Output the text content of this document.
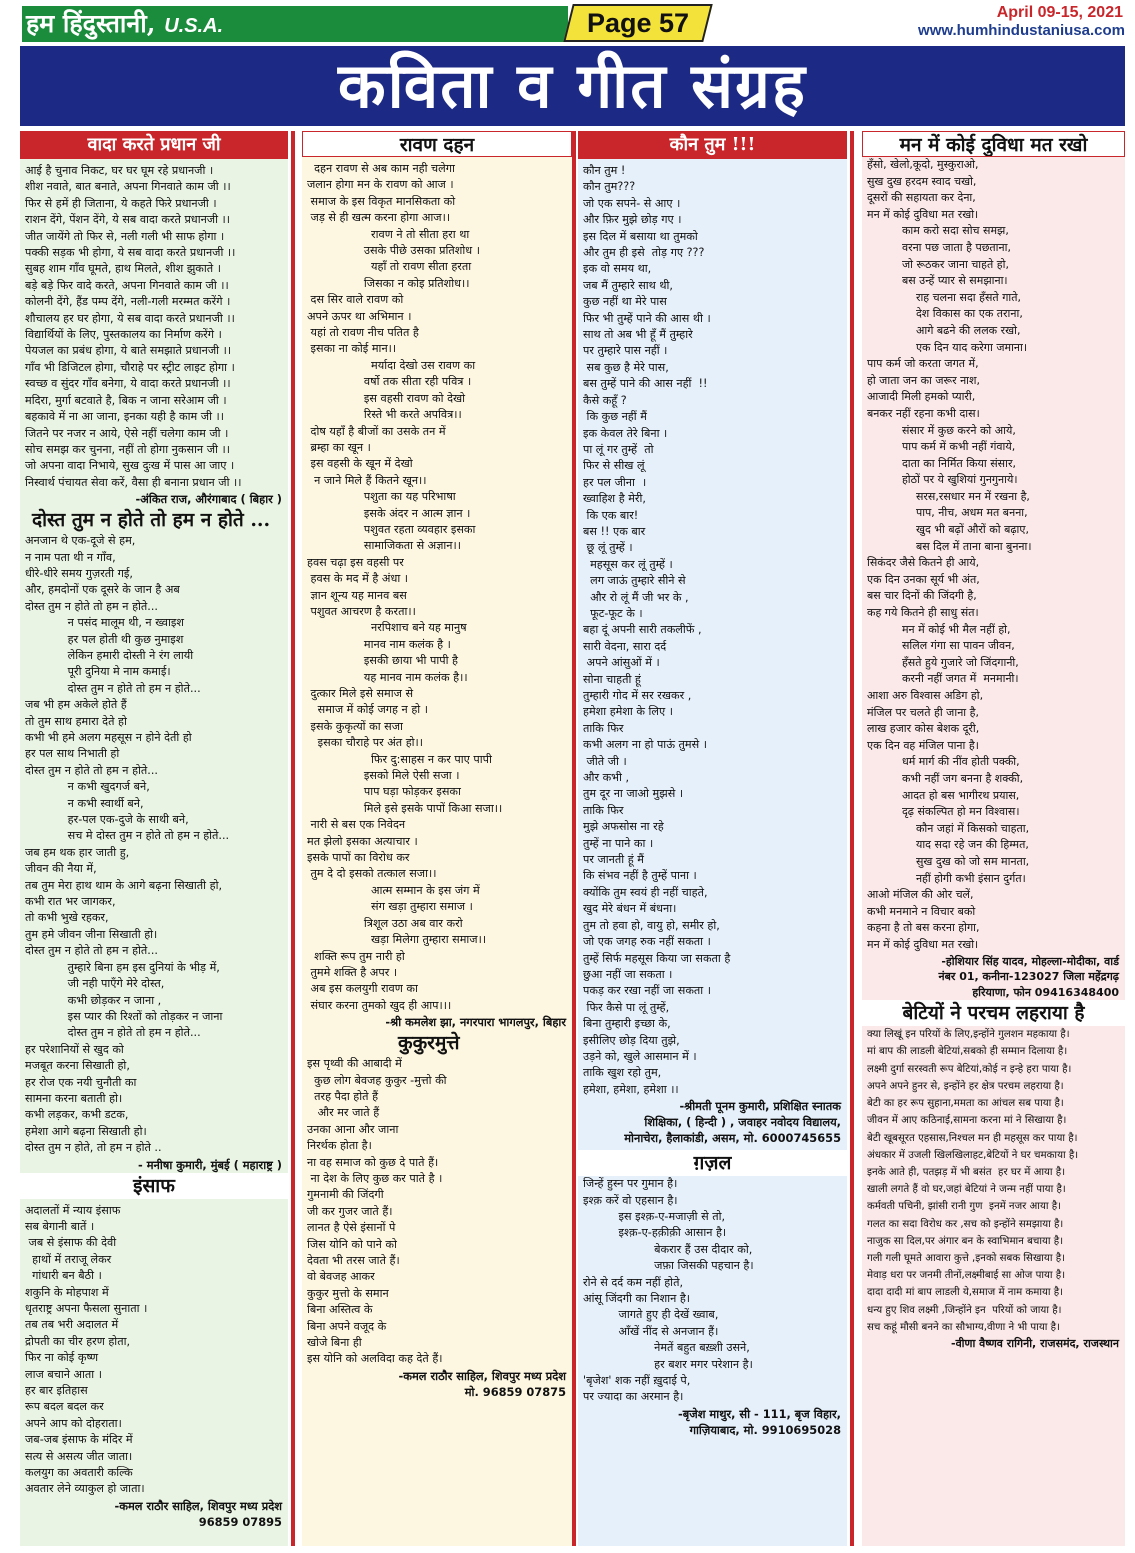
हम हिंदुस्तानी, U.S.A.	Page 57	April 09-15, 2021
www.humhindustaniusa.com
कविता व गीत संग्रह
वादा करते प्रधान जी
आई है चुनाव निकट, घर घर घूम रहे प्रधानजी ।
शीश नवाते, बात बनाते, अपना गिनवाते काम जी ।।
फिर से हमें ही जिताना, ये कहते फिरे प्रधानजी ।
राशन देंगे, पेंशन देंगे, ये सब वादा करते प्रधानजी ।।
जीत जायेंगे तो फिर से, नली गली भी साफ होगा ।
पक्की सड़क भी होगा, ये सब वादा करते प्रधानजी ।।
सुबह शाम गाँव घूमते, हाथ मिलते, शीश झुकाते ।
बड़े बड़े फिर वादे करते, अपना गिनवाते काम जी ।।
कोलनी देंगे, हैंड पम्प देंगे, नली-गली मरम्मत करेंगे ।
शौचालय हर घर होगा, ये सब वादा करते प्रधानजी ।।
विद्यार्थियों के लिए, पुस्तकालय का निर्माण करेंगे ।
पेयजल का प्रबंध होगा, ये बाते समझाते प्रधानजी ।।
गाँव भी डिजिटल होगा, चौराहे पर स्ट्रीट लाइट होगा ।
स्वच्छ व सुंदर गाँव बनेगा, ये वादा करते प्रधानजी ।।
मदिरा, मुर्गा बटवाते है, बिक न जाना सरेआम जी ।
बहकावे में ना आ जाना, इनका यही है काम जी ।।
जितने पर नजर न आये, ऐसे नहीं चलेगा काम जी ।
सोच समझ कर चुनना, नहीं तो होगा नुकसान जी ।।
जो अपना वादा निभाये, सुख दुःख में पास आ जाए ।
निस्वार्थ पंचायत सेवा करें, वैसा ही बनाना प्रधान जी ।।
-अंकित राज, औरंगाबाद ( बिहार )
दोस्त तुम न होते तो हम न होते ...
अनजान थे एक-दूजे से हम,
न नाम पता थी न गाँव,
धीरे-धीरे समय गुज़रती गई,
और, हमदोनों एक दूसरे के जान है अब
दोस्त तुम न होते तो हम न होते...
न पसंद मालूम थी, न ख्वाइश
हर पल होती थी कुछ नुमाइश
लेकिन हमारी दोस्ती ने रंग लायी
पूरी दुनिया मे नाम कमाई।
दोस्त तुम न होते तो हम न होते...
जब भी हम अकेले होते हैं
तो तुम साथ हमारा देते हो
कभी भी हमे अलग महसूस न होने देती हो
हर पल साथ निभाती हो
दोस्त तुम न होते तो हम न होते...
न कभी खुदगर्ज बने,
न कभी स्वार्थी बने,
हर-पल एक-दुजे के साथी बने,
सच मे दोस्त तुम न होते तो हम न होते...
जब हम थक हार जाती हु,
जीवन की नैया में,
तब तुम मेरा हाथ थाम के आगे बढ़ना सिखाती हो,
कभी रात भर जागकर,
तो कभी भुखे रहकर,
तुम हमे जीवन जीना सिखाती हो।
दोस्त तुम न होते तो हम न होते...
तुम्हारे बिना हम इस दुनियां के भीड़ में,
जी नही पाएँगे मेरे दोस्त,
कभी छोड़कर न जाना ,
इस प्यार की रिश्तों को तोड़कर न जाना
दोस्त तुम न होते तो हम न होते...
हर परेशानियों से खुद को
मजबूत करना सिखाती हो,
हर रोज एक नयी चुनौती का
सामना करना बताती हो।
कभी लड़कर, कभी डटक,
हमेशा आगे बढ़ना सिखाती हो।
दोस्त तुम न होते, तो हम न होते ..
- मनीषा कुमारी, मुंबई ( महाराष्ट्र )
इंसाफ
अदालतों में न्याय इंसाफ
सब बेगानी बातें ।
जब से इंसाफ की देवी
हाथों में तराजू लेकर
गांधारी बन बैठी ।
शकुनि के मोहपाश में
धृतराष्ट्र अपना फैसला सुनाता ।
तब तब भरी अदालत में
द्रोपती का चीर हरण होता,
फिर ना कोई कृष्ण
लाज बचाने आता ।
हर बार इतिहास
रूप बदल बदल कर
अपने आप को दोहराता।
जब-जब इंसाफ के मंदिर में
सत्य से असत्य जीत जाता।
कलयुग का अवतारी कल्कि
अवतार लेने व्याकुल हो जाता।
-कमल राठौर साहिल, शिवपुर मध्य प्रदेश
96859 07895
रावण दहन
दहन रावण से अब काम नही चलेगा
जलान होगा मन के रावण को आज ।
समाज के इस विकृत मानसिकता को
जड़ से ही खत्म करना होगा आज।।
रावण ने तो सीता हरा था
उसके पीछे उसका प्रतिशोध ।
यहाँ तो रावण सीता हरता
जिसका न कोइ प्रतिशोध।।
दस सिर वाले रावण को
अपने ऊपर था अभिमान ।
यहां तो रावण नीच पतित है
इसका ना कोई मान।।
मर्यादा देखो उस रावण का
वर्षो तक सीता रही पवित्र ।
इस वहसी रावण को देखो
रिस्ते भी करते अपवित्र।।
दोष यहाँ है बीजों का उसके तन में
ब्रम्हा का खून ।
इस वहसी के खून में देखो
न जाने मिले हैं कितने खून।।
पशुता का यह परिभाषा
इसके अंदर न आत्म ज्ञान ।
पशुवत रहता व्यवहार इसका
सामाजिकता से अज्ञान।।
हवस चढ़ा इस वहसी पर
हवस के मद में है अंधा ।
ज्ञान शून्य यह मानव बस
पशुवत आचरण है करता।।
नरपिशाच बने यह मानुष
मानव नाम कलंक है ।
इसकी छाया भी पापी है
यह मानव नाम कलंक है।।
दुत्कार मिले इसे समाज से
समाज में कोई जगह न हो ।
इसके कुकृत्यों का सजा
इसका चौराहे पर अंत हो।।
फिर दु:साहस न कर पाए पापी
इसको मिले ऐसी सजा ।
पाप घड़ा फोड़कर इसका
मिले इसे इसके पापों किआ सजा।।
नारी से बस एक निवेदन
मत झेलो इसका अत्याचार ।
इसके पापों का विरोध कर
तुम दे दो इसको तत्काल सजा।।
आत्म सम्मान के इस जंग में
संग खड़ा तुम्हारा समाज ।
त्रिशूल उठा अब वार करो
खड़ा मिलेगा तुम्हारा समाज।।
शक्ति रूप तुम नारी हो
तुममे शक्ति है अपर ।
अब इस कलयुगी रावण का
संघार करना तुमको खुद ही आप।।।
-श्री कमलेश झा, नगरपारा भागलपुर, बिहार
कुकुरमुत्ते
इस पृथ्वी की आबादी में
कुछ लोग बेवजह कुकुर -मुत्तो की
तरह पैदा होते हैं
और मर जाते हैं
उनका आना और जाना
निरर्थक होता है।
ना वह समाज को कुछ दे पाते हैं।
ना देश के लिए कुछ कर पाते है ।
गुमनामी की जिंदगी
जी कर गुजर जाते हैं।
लानत है ऐसे इंसानों पे
जिस योनि को पाने को
देवता भी तरस जाते हैं।
वो बेवजह आकर
कुकुर मुत्तो के समान
बिना अस्तित्व के
बिना अपने वजूद के
खोजे बिना ही
इस योनि को अलविदा कह देते हैं।
-कमल राठौर साहिल, शिवपुर मध्य प्रदेश
मो. 96859 07875
कौन तुम !!!
कौन तुम !
कौन तुम???
जो एक सपने- से आए ।
और फ़िर मुझे छोड़ गए ।
इस दिल में बसाया था तुमको
और तुम ही इसे  तोड़ गए ???
इक वो समय था,
जब मैं तुम्हारे साथ थी,
कुछ नहीं था मेरे पास
फिर भी तुम्हें पाने की आस थी ।
साथ तो अब भी हूँ मैं तुम्हारे
पर तुम्हारे पास नहीं ।
सब कुछ है मेरे पास,
बस तुम्हें पाने की आस नहीं  !!
कैसे कहूँ ?
कि कुछ नहीं मैं
इक केवल तेरे बिना ।
पा लूं गर तुम्हें  तो
फिर से सीख लूं
हर पल जीना  ।
ख्वाहिश है मेरी,
कि एक बार!
बस !! एक बार
छू लूं तुम्हें ।
महसूस कर लूं तुम्हें ।
लग जाऊं तुम्हारे सीने से
और रो लूं मैं जी भर के ,
फूट-फूट के ।
बहा दूं अपनी सारी तकलीफें ,
सारी वेदना, सारा दर्द
अपने आंसुओं में ।
सोना चाहती हूं
तुम्हारी गोद में सर रखकर ,
हमेशा हमेशा के लिए ।
ताकि फिर
कभी अलग ना हो पाऊं तुमसे ।
जीते जी ।
और कभी ,
तुम दूर ना जाओ मुझसे ।
ताकि फिर
मुझे अफसोस ना रहे
तुम्हें ना पाने का ।
पर जानती हूं मैं
कि संभव नहीं है तुम्हें पाना ।
क्योंकि तुम स्वयं ही नहीं चाहते,
खुद मेरे बंधन में बंधना।
तुम तो हवा हो, वायु हो, समीर हो,
जो एक जगह रुक नहीं सकता ।
तुम्हें सिर्फ महसूस किया जा सकता है
छुआ नहीं जा सकता ।
पकड़ कर रखा नहीं जा सकता ।
फिर कैसे पा लूं तुम्हें,
बिना तुम्हारी इच्छा के,
इसीलिए छोड़ दिया तुझे,
उड़ने को, खुले आसमान में ।
ताकि खुश रहो तुम,
हमेशा, हमेशा, हमेशा ।।
-श्रीमती पूनम कुमारी, प्रशिक्षित स्नातक
शिक्षिका, ( हिन्दी ) , जवाहर नवोदय विद्यालय,
मोनाचेरा, हैलाकांडी, असम, मो. 6000745655
ग़ज़ल
जिन्हें हुस्न पर गुमान है।
इश्क़ करें वो एहसान है।
इस इश्क़-ए-मजाज़ी से तो,
इश्क़-ए-हक़ीक़ी आसान है।
बेकरार हैं उस दीदार को,
जफ़ा जिसकी पहचान है।
रोने से दर्द कम नहीं होते,
आंसू जिंदगी का निशान है।
जागते हुए ही देखें ख्वाब,
आँखें नींद से अनजान हैं।
नेमतें बहुत बख़्शी उसने,
हर बशर मगर परेशान है।
'बृजेश' शक नहीं ख़ुदाई पे,
पर ज्यादा का अरमान है।
-बृजेश माथुर, सी - 111, बृज विहार,
गाज़ियाबाद, मो. 9910695028
मन में कोई दुविधा मत रखो
हँसो, खेलो,कूदो, मुस्कुराओ,
सुख दुख हरदम स्वाद चखो,
दूसरों की सहायता कर देना,
मन में कोई दुविधा मत रखो।
काम करो सदा सोच समझ,
वरना पछ जाता है पछताना,
जो रूठकर जाना चाहते हो,
बस उन्हें प्यार से समझाना।
राह चलना सदा हँसते गाते,
देश विकास का एक तराना,
आगे बढने की ललक रखो,
एक दिन याद करेगा जमाना।
पाप कर्म जो करता जगत में,
हो जाता जन का जरूर नाश,
आजादी मिली हमको प्यारी,
बनकर नहीं रहना कभी दास।
संसार में कुछ करने को आये,
पाप कर्म में कभी नहीं गंवाये,
दाता का निर्मित किया संसार,
होठों पर ये खुशियां गुनगुनाये।
सरस,रसधार मन में रखना है,
पाप, नीच, अधम मत बनना,
खुद भी बढ़ों औरों को बढ़ाए,
बस दिल में ताना बाना बुनना।
सिकंदर जैसे कितने ही आये,
एक दिन उनका सूर्य भी अंत,
बस चार दिनों की जिंदगी है,
कह गये कितने ही साधु संत।
मन में कोई भी मैल नहीं हो,
सलिल गंगा सा पावन जीवन,
हँसते हुये गुजारे जो जिंदगानी,
करनी नहीं जगत में  मनमानी।
आशा अरु विश्वास अडिग हो,
मंजिल पर चलते ही जाना है,
लाख हजार कोस बेशक दूरी,
एक दिन वह मंजिल पाना है।
धर्म मार्ग की नींव होती पक्की,
कभी नहीं जग बनना है शक्की,
आदत हो बस भागीरथ प्रयास,
दृढ़ संकल्पित हो मन विश्वास।
कौन जहां में किसको चाहता,
याद सदा रहे जन की हिम्मत,
सुख दुख को जो सम मानता,
नहीं होगी कभी इंसान दुर्गत।
आओ मंजिल की ओर चलें,
कभी मनमाने न विचार बको
कहना है तो बस करना होगा,
मन में कोई दुविधा मत रखो।
-होशियार सिंह यादव, मोहल्ला-मोदीका, वार्ड
नंबर 01, कनीना-123027 जिला महेंद्रगढ़
हरियाणा, फोन 09416348400
बेटियों ने परचम लहराया है
क्या लिखूं इन परियों के लिए,इन्होंने गुलशन महकाया है।
मां बाप की लाडली बेटियां,सबको ही सम्मान दिलाया है।
लक्ष्मी दुर्गा सरस्वती रूप बेटियां,कोई न इन्हे हरा पाया है।
अपने अपने हुनर से, इन्होंने हर क्षेत्र परचम लहराया है।
बेटी का हर रूप सुहाना,ममता का आंचल सब पाया है।
जीवन में आए कठिनाई,सामना करना मां ने सिखाया है।
बेटी खूबसूरत एहसास,निश्चल मन ही महसूस कर पाया है।
अंधकार में उजली खिलखिलाहट,बेटियों ने घर चमकाया है।
इनके आते ही, पतझड़ में भी बसंत  हर घर में आया है।
खाली लगते हैं वो घर,जहां बेटियां ने जन्म नहीं पाया है।
कर्मवती पचिनी, झांसी रानी गुण  इनमें नजर आया है।
गलत का सदा विरोध कर ,सच को इन्होंने समझाया है।
नाजुक सा दिल,पर अंगार बन के स्वाभिमान बचाया है।
गली गली घूमते आवारा कुत्ते ,इनको सबक सिखाया है।
मेवाड़ धरा पर जनमी तीनों,लक्ष्मीबाई सा ओज पाया है।
दादा दादी मां बाप लाडली ये,समाज में नाम कमाया है।
धन्य हुए शिव लक्ष्मी ,जिन्होंने इन  परियों को जाया है।
सच कहूं मौसी बनने का सौभाग्य,वीणा ने भी पाया है।
-वीणा वैष्णव रागिनी, राजसमंद, राजस्थान
